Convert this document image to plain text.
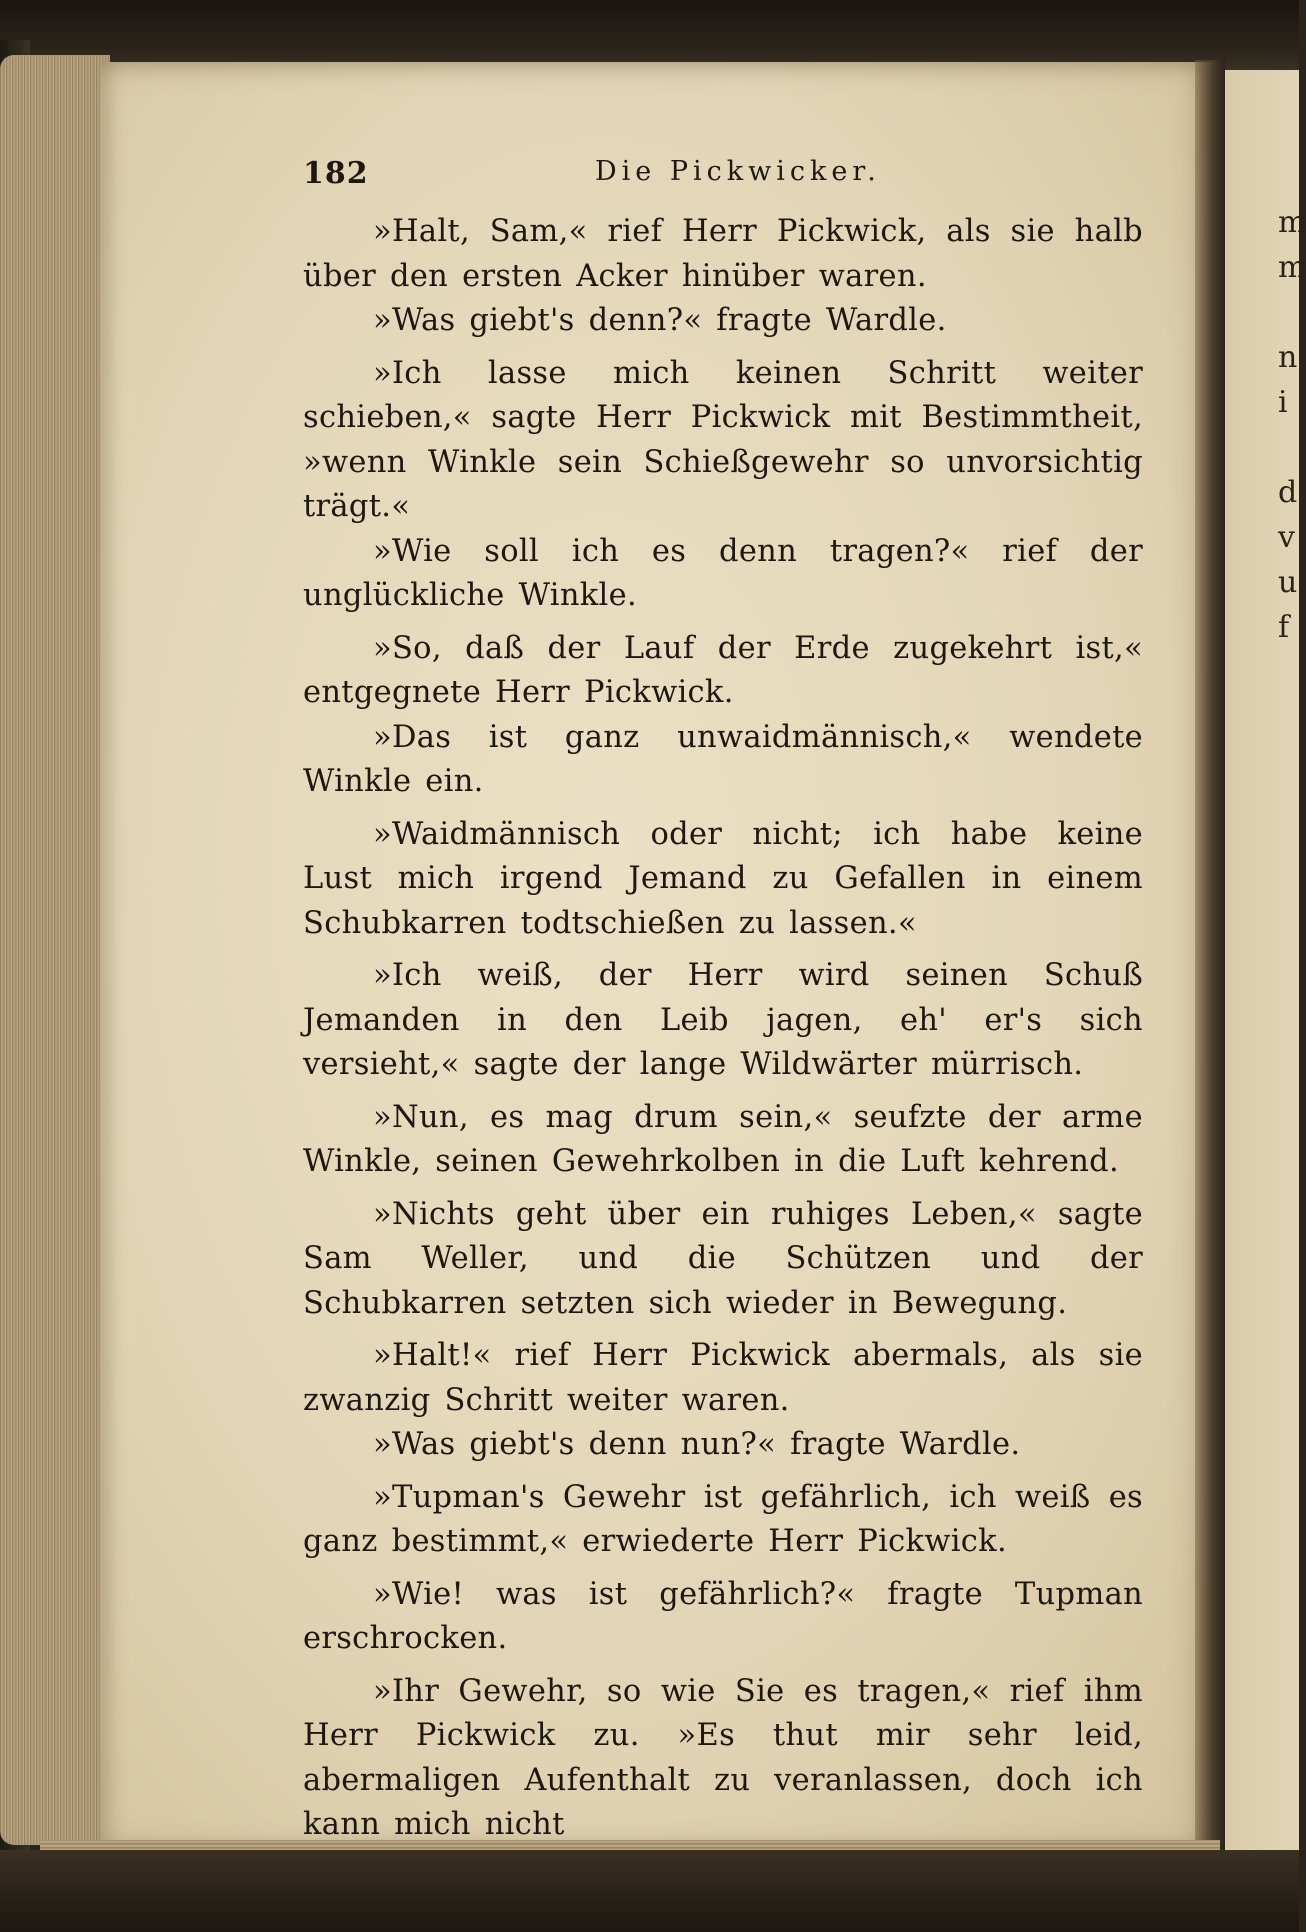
m
m
n
i
d
v
u
f
182	Die Pickwicker.

»Halt, Sam,« rief Herr Pickwick, als sie halb über den ersten Acker hinüber waren.

»Was giebt's denn?« fragte Wardle.

»Ich lasse mich keinen Schritt weiter schieben,« sagte Herr Pickwick mit Bestimmtheit, »wenn Winkle sein Schießgewehr so unvorsichtig trägt.«

»Wie soll ich es denn tragen?« rief der unglückliche Winkle.

»So, daß der Lauf der Erde zugekehrt ist,« entgegnete Herr Pickwick.

»Das ist ganz unwaidmännisch,« wendete Winkle ein.

»Waidmännisch oder nicht; ich habe keine Lust mich irgend Jemand zu Gefallen in einem Schubkarren todtschießen zu lassen.«

»Ich weiß, der Herr wird seinen Schuß Jemanden in den Leib jagen, eh' er's sich versieht,« sagte der lange Wildwärter mürrisch.

»Nun, es mag drum sein,« seufzte der arme Winkle, seinen Gewehrkolben in die Luft kehrend.

»Nichts geht über ein ruhiges Leben,« sagte Sam Weller, und die Schützen und der Schubkarren setzten sich wieder in Bewegung.

»Halt!« rief Herr Pickwick abermals, als sie zwanzig Schritt weiter waren.

»Was giebt's denn nun?« fragte Wardle.

»Tupman's Gewehr ist gefährlich, ich weiß es ganz bestimmt,« erwiederte Herr Pickwick.

»Wie! was ist gefährlich?« fragte Tupman erschrocken.

»Ihr Gewehr, so wie Sie es tragen,« rief ihm Herr Pickwick zu. »Es thut mir sehr leid, abermaligen Aufenthalt zu veranlassen, doch ich kann mich nicht
